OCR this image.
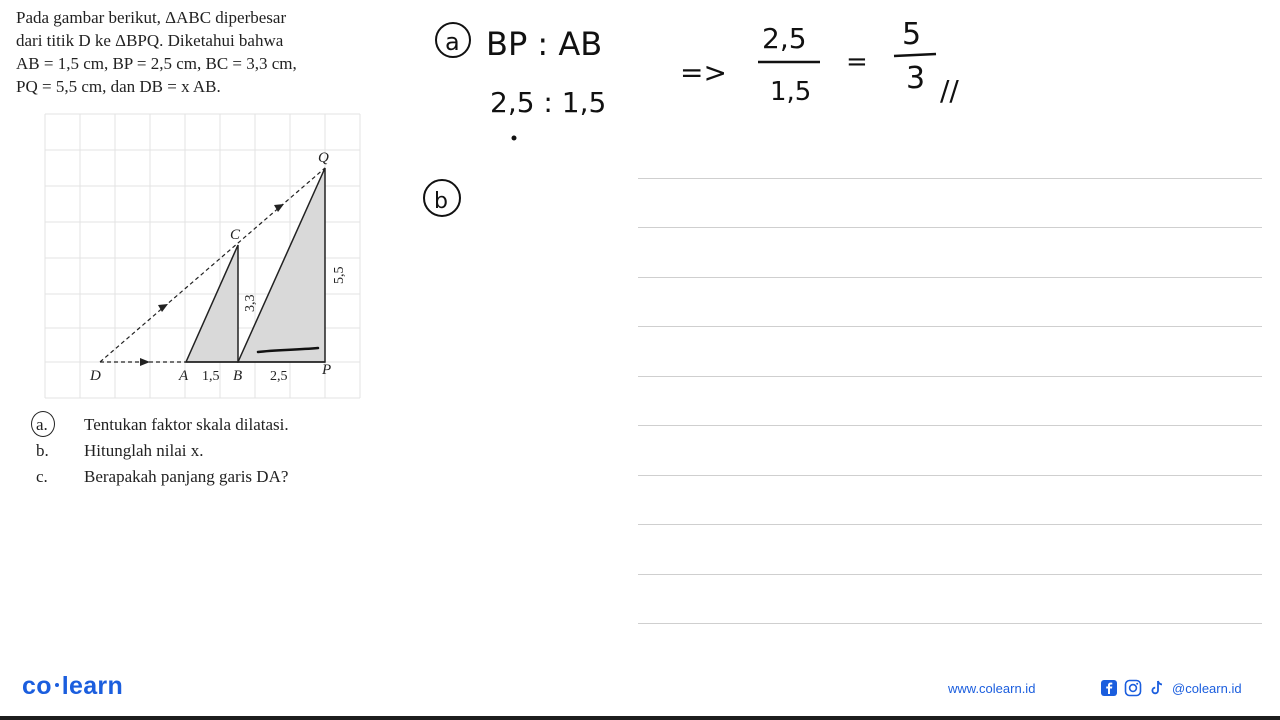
Pada gambar berikut, ΔABC diperbesar

dari titik D ke ΔBPQ. Diketahui bahwa

AB = 1,5 cm, BP = 2,5 cm, BC = 3,3 cm,

PQ = 5,5 cm, dan DB = x AB.

D	A	B	P
C
Q
1,5	2,5
3,3
5,5
a.	Tentukan faktor skala dilatasi.
b.	Hitunglah nilai x.
c.	Berapakah panjang garis DA?
a BP : AB
2,5 : 1,5
=>
2,5
1,5
=
5
3 //
b
co learn	www.colearn.id	@colearn.id
